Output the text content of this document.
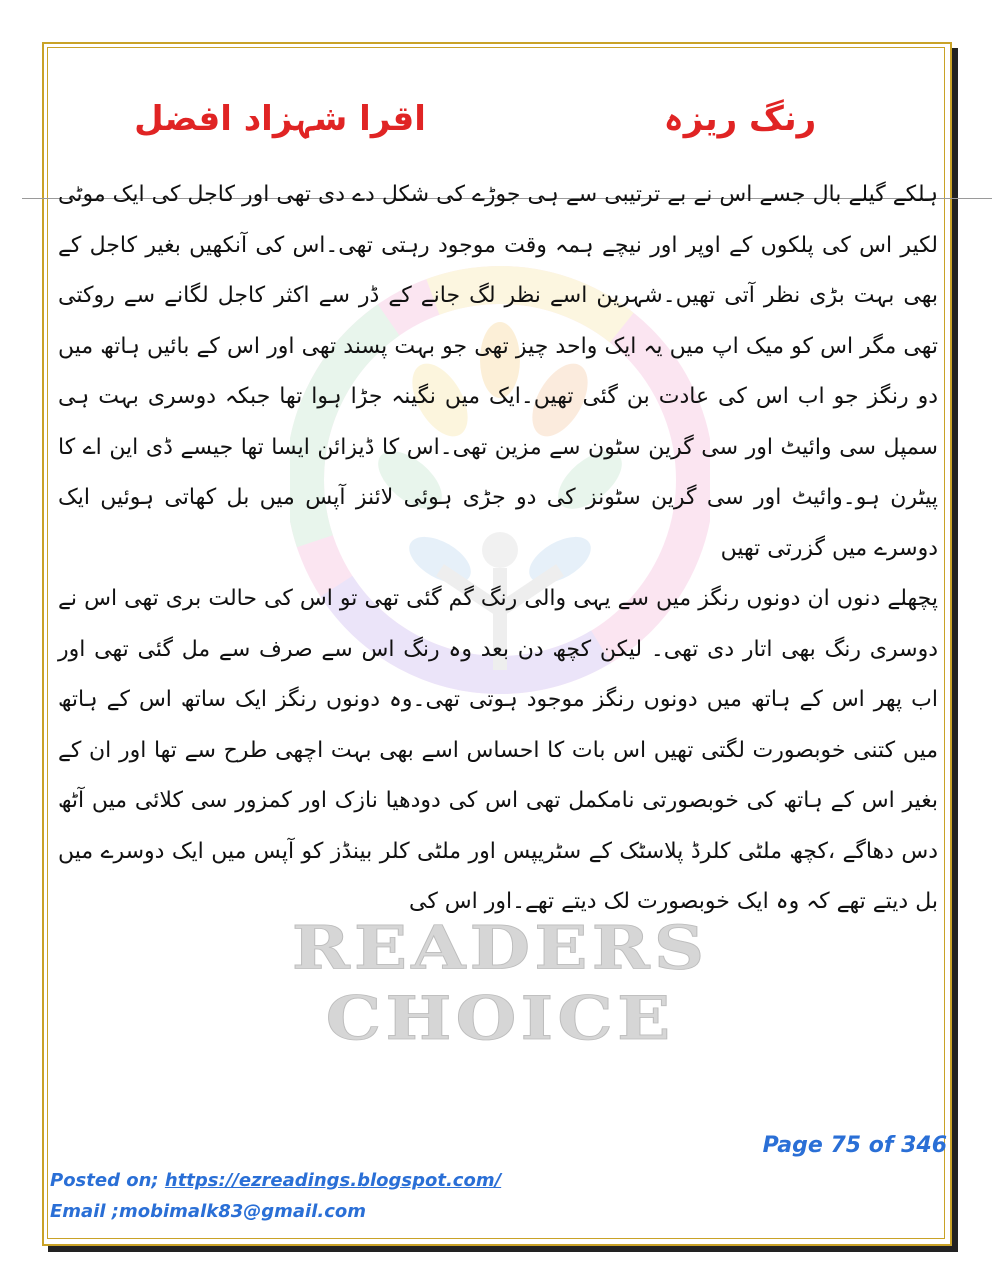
READERS CHOICE
رنگ ریزہ
اقرا شہزاد افضل

ہلکے گیلے بال جسے اس نے بے ترتیبی سے ہی جوڑے کی شکل دے دی تھی اور کاجل کی ایک موٹی لکیر اس کی پلکوں کے اوپر اور نیچے ہمہ وقت موجود رہتی تھی۔اس کی آنکھیں بغیر کاجل کے بھی بہت بڑی نظر آتی تھیں۔شہرین اسے نظر لگ جانے کے ڈر سے اکثر کاجل لگانے سے روکتی تھی مگر اس کو میک اپ میں یہ ایک واحد چیز تھی جو بہت پسند تھی اور اس کے بائیں ہاتھ میں دو رنگز جو اب اس کی عادت بن گئی تھیں۔ایک میں نگینہ جڑا ہوا تھا جبکہ دوسری بہت ہی سمپل سی وائیٹ اور سی گرین سٹون سے مزین تھی۔اس کا ڈیزائن ایسا تھا جیسے ڈی این اے کا پیٹرن ہو۔وائیٹ اور سی گرین سٹونز کی دو جڑی ہوئی لائنز آپس میں بل کھاتی ہوئیں ایک دوسرے میں گزرتی تھیں

پچھلے دنوں ان دونوں رنگز میں سے یہی والی رنگ گم گئی تھی تو اس کی حالت بری تھی اس نے دوسری رنگ بھی اتار دی تھی۔ لیکن کچھ دن بعد وہ رنگ اس سے صرف سے مل گئی تھی اور اب پھر اس کے ہاتھ میں دونوں رنگز موجود ہوتی تھی۔وہ دونوں رنگز ایک ساتھ اس کے ہاتھ میں کتنی خوبصورت لگتی تھیں اس بات کا احساس اسے بھی بہت اچھی طرح سے تھا اور ان کے بغیر اس کے ہاتھ کی خوبصورتی نامکمل تھی اس کی دودھیا نازک اور کمزور سی کلائی میں آٹھ دس دھاگے ،کچھ ملٹی کلرڈ پلاسٹک کے سٹریپس اور ملٹی کلر بینڈز کو آپس میں ایک دوسرے میں بل دیتے تھے کہ وہ ایک خوبصورت لک دیتے تھے۔اور اس کی

Page 75 of 346
Posted on; https://ezreadings.blogspot.com/
Email ;mobimalk83@gmail.com
